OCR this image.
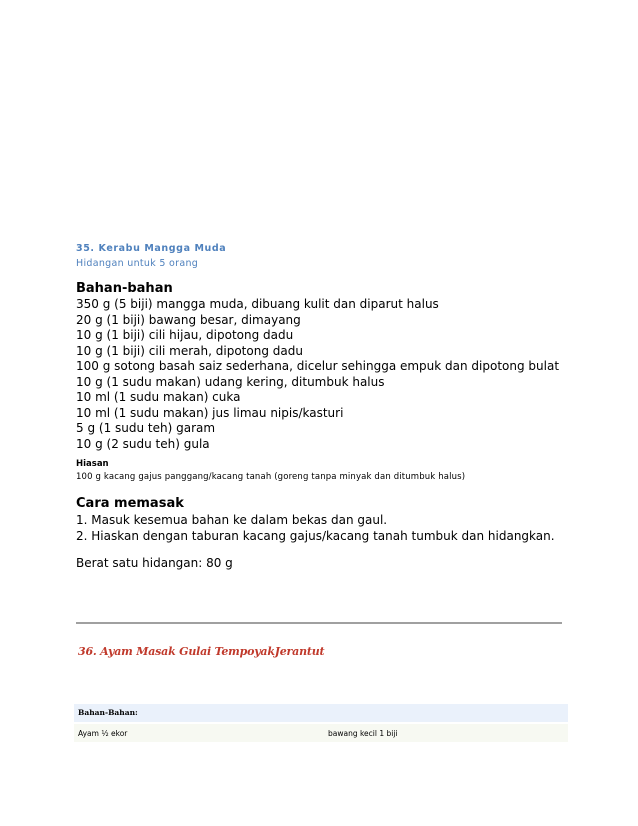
35. Kerabu Mangga Muda
Hidangan untuk 5 orang
Bahan-bahan
350 g (5 biji) mangga muda, dibuang kulit dan diparut halus
20 g (1 biji) bawang besar, dimayang
10 g (1 biji) cili hijau, dipotong dadu
10 g (1 biji) cili merah, dipotong dadu
100 g sotong basah saiz sederhana, dicelur sehingga empuk dan dipotong bulat
10 g (1 sudu makan) udang kering, ditumbuk halus
10 ml (1 sudu makan) cuka
10 ml (1 sudu makan) jus limau nipis/kasturi
5 g (1 sudu teh) garam
10 g (2 sudu teh) gula
Hiasan
100 g kacang gajus panggang/kacang tanah (goreng tanpa minyak dan ditumbuk halus)
Cara memasak
1. Masuk kesemua bahan ke dalam bekas dan gaul.
2. Hiaskan dengan taburan kacang gajus/kacang tanah tumbuk dan hidangkan.
Berat satu hidangan: 80 g
36. Ayam Masak Gulai TempoyakJerantut
Bahan-Bahan:
Ayam ½ ekor	bawang kecil 1 biji
